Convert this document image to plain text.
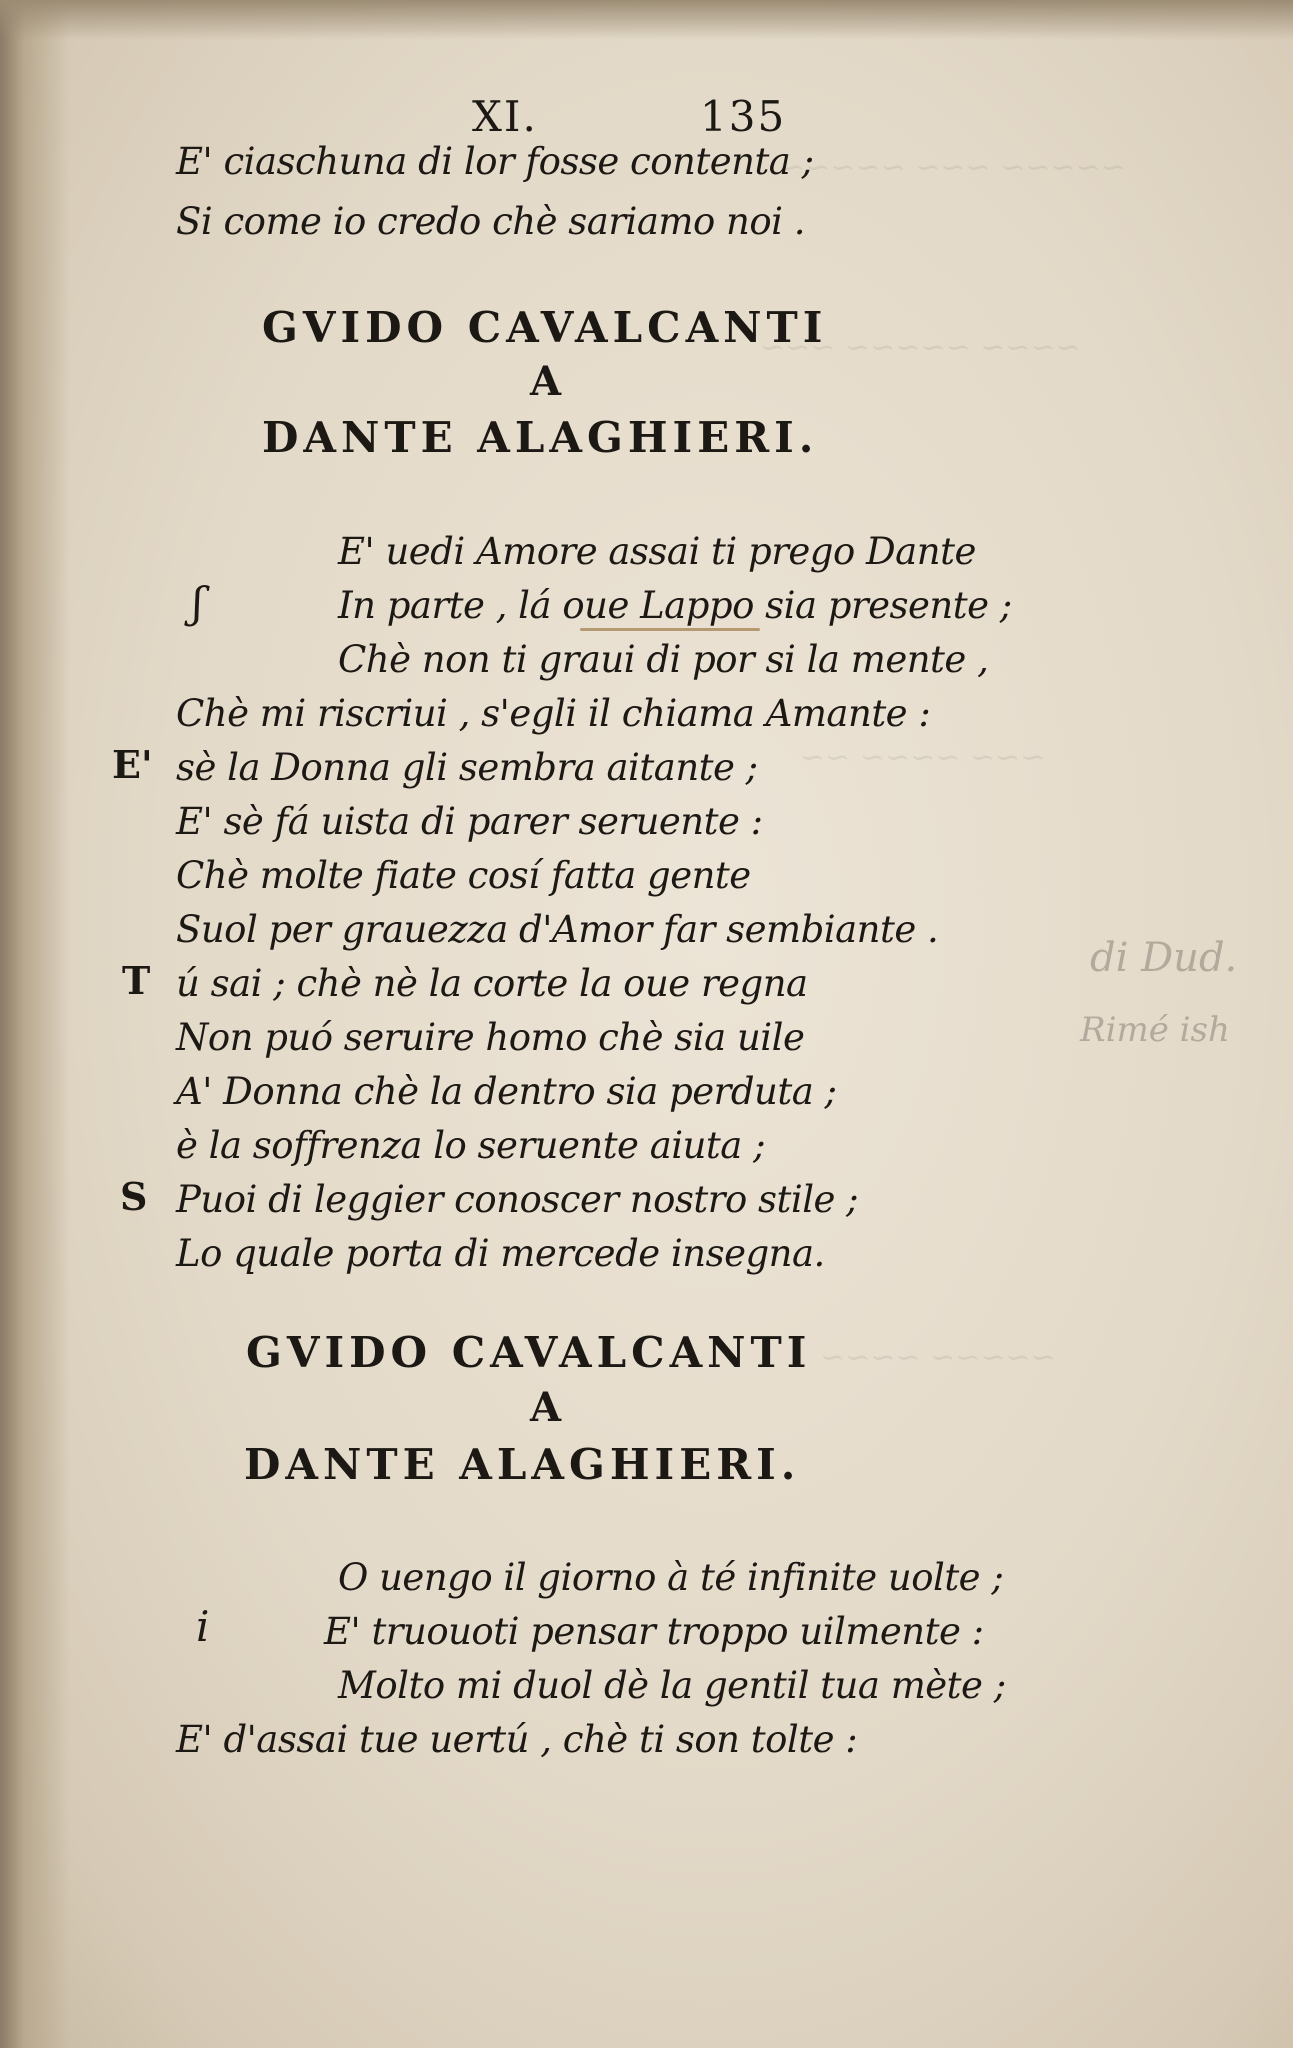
~~~~~ ~~~ ~~~~~
~~~~ ~~~~~ ~~~
~~~ ~~~~ ~~
~~~~~ ~~~~
XI.	135
E' ciaschuna di lor fosse contenta ;
Si come io credo chè sariamo noi .
GVIDO CAVALCANTI
A
DANTE ALAGHIERI.
ʃ
E' uedi Amore assai ti prego Dante
In parte , lá oue Lappo sia presente ;
Chè non ti graui di por si la mente ,
Chè mi riscriui , s'egli il chiama Amante :
E' sè la Donna gli sembra aitante ;
E' sè fá uista di parer seruente :
Chè molte fiate cosí fatta gente
Suol per grauezza d'Amor far sembiante .
T ú sai ; chè nè la corte la oue regna
Non puó seruire homo chè sia uile
A' Donna chè la dentro sia perduta ;
è la soffrenza lo seruente aiuta ;
S Puoi di leggier conoscer nostro stile ;
Lo quale porta di mercede insegna.
GVIDO CAVALCANTI
A
DANTE ALAGHIERI.
i
O uengo il giorno à té infinite uolte ;
E' truouoti pensar troppo uilmente :
Molto mi duol dè la gentil tua mète ;
E' d'assai tue uertú , chè ti son tolte :
di Dud.
Rimé ish
